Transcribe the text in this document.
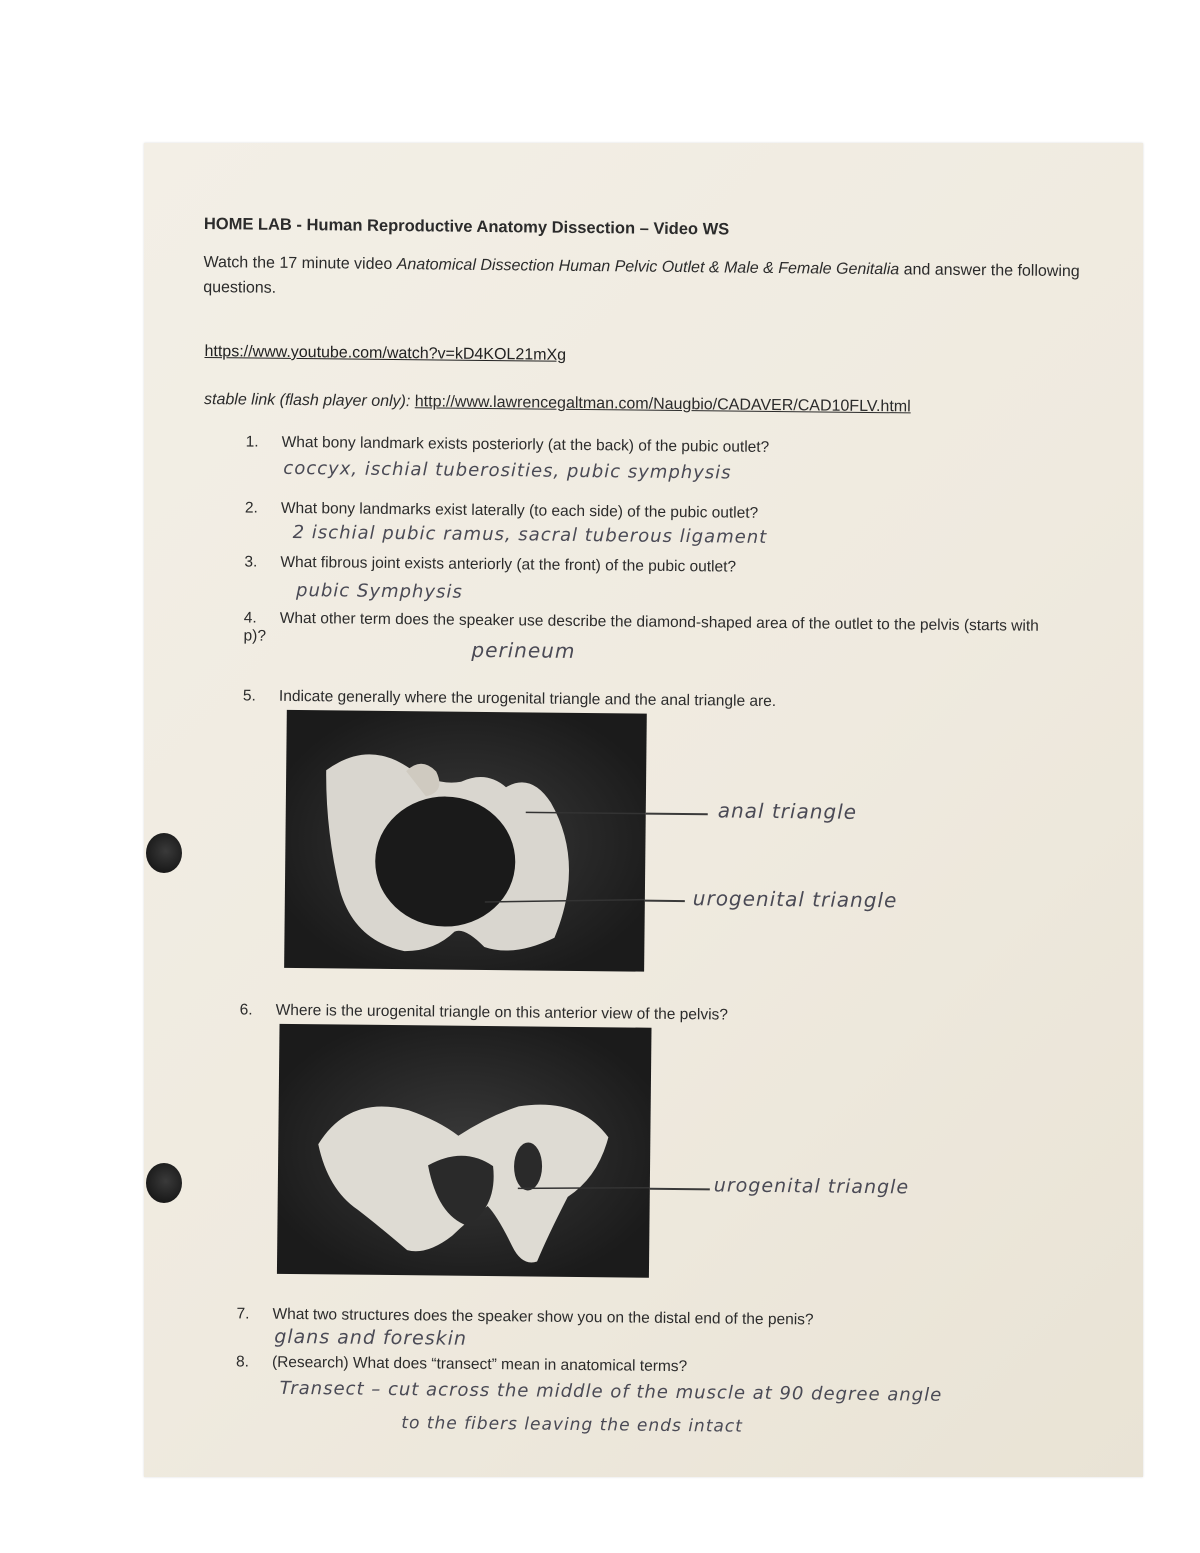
HOME LAB - Human Reproductive Anatomy Dissection – Video WS
Watch the 17 minute video Anatomical Dissection Human Pelvic Outlet & Male & Female Genitalia and answer the following questions.
https://www.youtube.com/watch?v=kD4KOL21mXg
stable link (flash player only): http://www.lawrencegaltman.com/Naugbio/CADAVER/CAD10FLV.html
1. What bony landmark exists posteriorly (at the back) of the pubic outlet?
coccyx, ischial tuberosities, pubic symphysis
2. What bony landmarks exist laterally (to each side) of the pubic outlet?
2 ischial pubic ramus, sacral tuberous ligament
3. What fibrous joint exists anteriorly (at the front) of the pubic outlet?
pubic Symphysis
4. What other term does the speaker use describe the diamond-shaped area of the outlet to the pelvis (starts with p)?
perineum
5. Indicate generally where the urogenital triangle and the anal triangle are.
anal triangle
urogenital triangle
6. Where is the urogenital triangle on this anterior view of the pelvis?
urogenital triangle
7. What two structures does the speaker show you on the distal end of the penis?
glans and foreskin
8. (Research) What does “transect” mean in anatomical terms?
Transect – cut across the middle of the muscle at 90 degree angle
to the fibers leaving the ends intact
